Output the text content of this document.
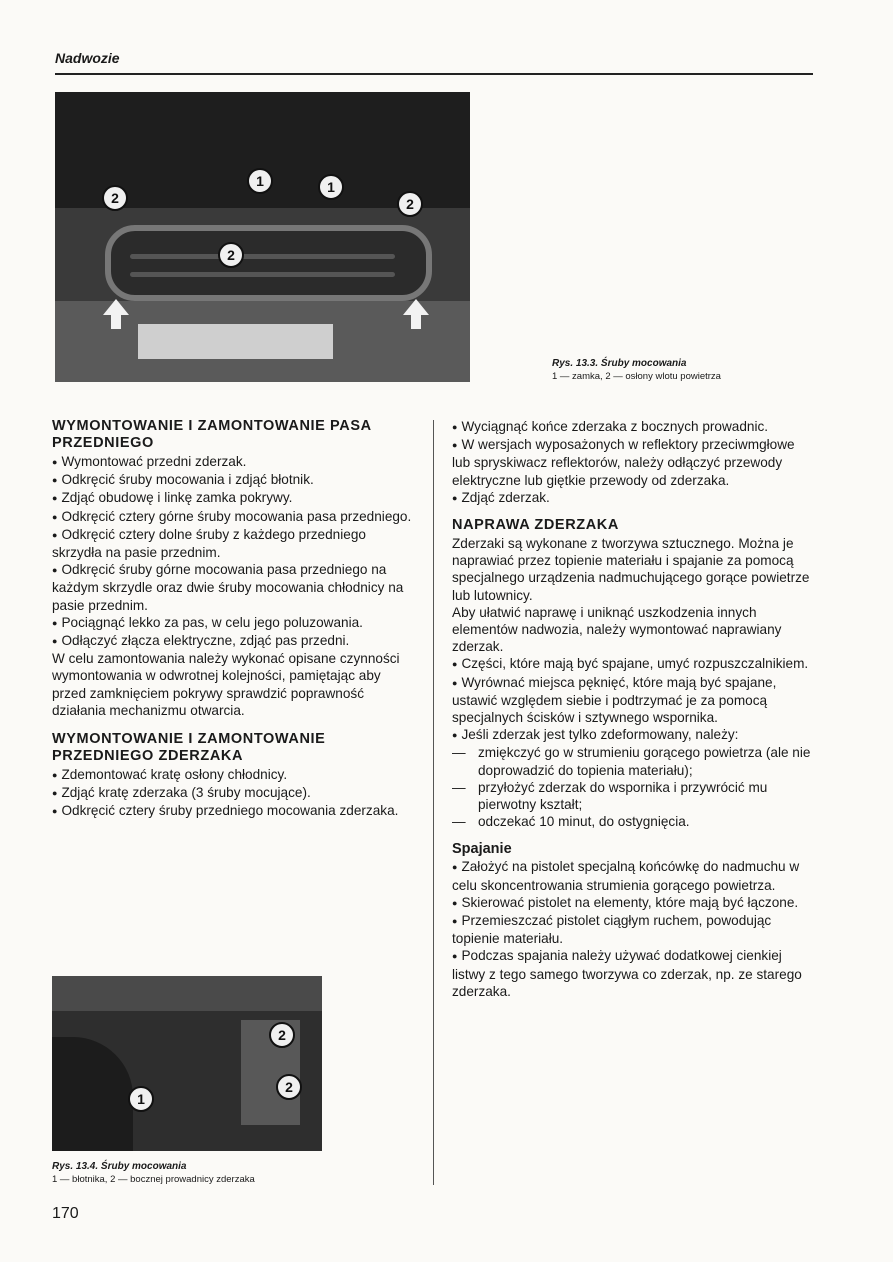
Nadwozie
1	1
2	2
2
Rys. 13.3. Śruby mocowania
1 — zamka, 2 — osłony wlotu powietrza
WYMONTOWANIE I ZAMONTOWANIE PASA PRZEDNIEGO

● Wymontować przedni zderzak.

● Odkręcić śruby mocowania i zdjąć błotnik.

● Zdjąć obudowę i linkę zamka pokrywy.

● Odkręcić cztery górne śruby mocowania pasa przedniego.

● Odkręcić cztery dolne śruby z każdego przedniego skrzydła na pasie przednim.

● Odkręcić śruby górne mocowania pasa przedniego na każdym skrzydle oraz dwie śruby mocowania chłodnicy na pasie przednim.

● Pociągnąć lekko za pas, w celu jego poluzowania.

● Odłączyć złącza elektryczne, zdjąć pas przedni.

W celu zamontowania należy wykonać opisane czynności wymontowania w odwrotnej kolejności, pamiętając aby przed zamknięciem pokrywy sprawdzić poprawność działania mechanizmu otwarcia.

WYMONTOWANIE I ZAMONTOWANIE PRZEDNIEGO ZDERZAKA

● Zdemontować kratę osłony chłodnicy.

● Zdjąć kratę zderzaka (3 śruby mocujące).

● Odkręcić cztery śruby przedniego mocowania zderzaka.

2
2
1
Rys. 13.4. Śruby mocowania
1 — błotnika, 2 — bocznej prowadnicy zderzaka

● Wyciągnąć końce zderzaka z bocznych prowadnic.

● W wersjach wyposażonych w reflektory przeciwmgłowe lub spryskiwacz reflektorów, należy odłączyć przewody elektryczne lub giętkie przewody od zderzaka.

● Zdjąć zderzak.

NAPRAWA ZDERZAKA

Zderzaki są wykonane z tworzywa sztucznego. Można je naprawiać przez topienie materiału i spajanie za pomocą specjalnego urządzenia nadmuchującego gorące powietrze lub lutownicy.

Aby ułatwić naprawę i uniknąć uszkodzenia innych elementów nadwozia, należy wymontować naprawiany zderzak.

● Części, które mają być spajane, umyć rozpuszczalnikiem.

● Wyrównać miejsca pęknięć, które mają być spajane, ustawić względem siebie i podtrzymać je za pomocą specjalnych ścisków i sztywnego wspornika.

● Jeśli zderzak jest tylko zdeformowany, należy:

— zmiękczyć go w strumieniu gorącego powietrza (ale nie doprowadzić do topienia materiału);

— przyłożyć zderzak do wspornika i przywrócić mu pierwotny kształt;

— odczekać 10 minut, do ostygnięcia.

Spajanie

● Założyć na pistolet specjalną końcówkę do nadmuchu w celu skoncentrowania strumienia gorącego powietrza.

● Skierować pistolet na elementy, które mają być łączone.

● Przemieszczać pistolet ciągłym ruchem, powodując topienie materiału.

● Podczas spajania należy używać dodatkowej cienkiej listwy z tego samego tworzywa co zderzak, np. ze starego zderzaka.

170
